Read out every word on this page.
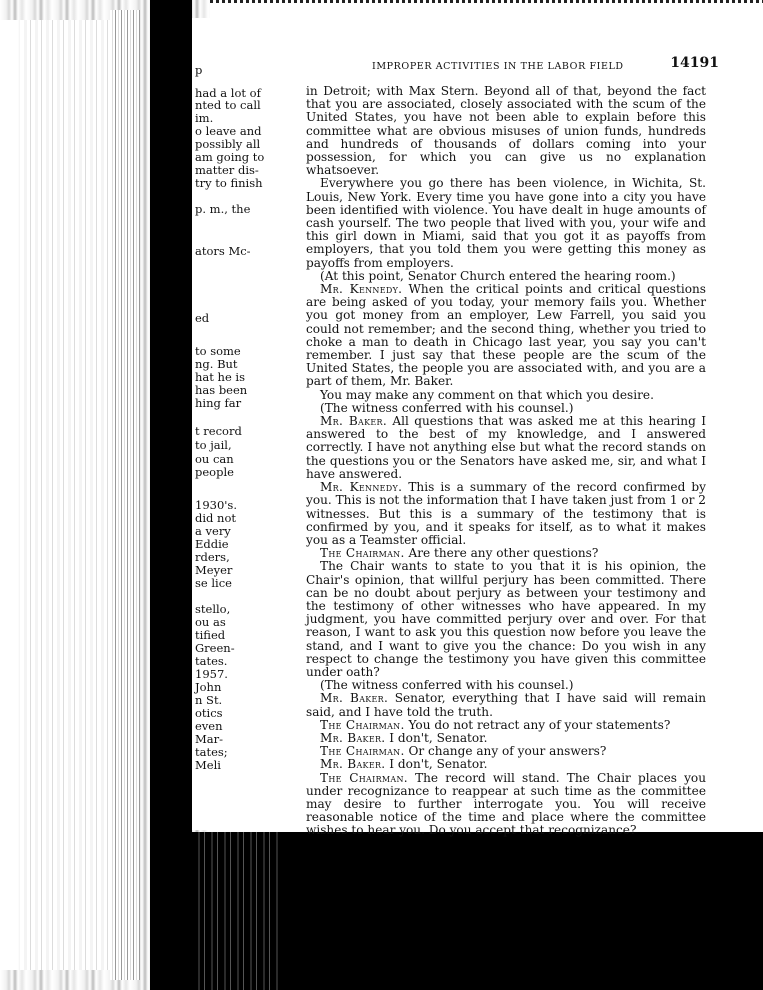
had a lot of
nted to call
im.
o leave and
possibly all
am going to
matter dis-
try to finish
p. m., the
ators Mc-
ed
to some
ng. But
hat he is
has been
hing far
t record
to jail,
ou can
people
1930's.
did not
a very
Eddie
rders,
Meyer
se lice
stello,
ou as
tified
Green-
tates.
1957.
John
n St.
otics
even
Mar-
tates;
Meli
p	IMPROPER ACTIVITIES IN THE LABOR FIELD	14191

in Detroit; with Max Stern. Beyond all of that, beyond the fact that you are associated, closely associated with the scum of the United States, you have not been able to explain before this committee what are obvious misuses of union funds, hundreds and hundreds of thousands of dollars coming into your possession, for which you can give us no explanation whatsoever.

Everywhere you go there has been violence, in Wichita, St. Louis, New York. Every time you have gone into a city you have been identified with violence. You have dealt in huge amounts of cash yourself. The two people that lived with you, your wife and this girl down in Miami, said that you got it as payoffs from employers, that you told them you were getting this money as payoffs from employers.

(At this point, Senator Church entered the hearing room.)

Mr. Kennedy. When the critical points and critical questions are being asked of you today, your memory fails you. Whether you got money from an employer, Lew Farrell, you said you could not remember; and the second thing, whether you tried to choke a man to death in Chicago last year, you say you can't remember. I just say that these people are the scum of the United States, the people you are associated with, and you are a part of them, Mr. Baker.

You may make any comment on that which you desire.

(The witness conferred with his counsel.)

Mr. Baker. All questions that was asked me at this hearing I answered to the best of my knowledge, and I answered correctly. I have not anything else but what the record stands on the questions you or the Senators have asked me, sir, and what I have answered.

Mr. Kennedy. This is a summary of the record confirmed by you. This is not the information that I have taken just from 1 or 2 witnesses. But this is a summary of the testimony that is confirmed by you, and it speaks for itself, as to what it makes you as a Teamster official.

The Chairman. Are there any other questions?

The Chair wants to state to you that it is his opinion, the Chair's opinion, that willful perjury has been committed. There can be no doubt about perjury as between your testimony and the testimony of other witnesses who have appeared. In my judgment, you have committed perjury over and over. For that reason, I want to ask you this question now before you leave the stand, and I want to give you the chance: Do you wish in any respect to change the testimony you have given this committee under oath?

(The witness conferred with his counsel.)

Mr. Baker. Senator, everything that I have said will remain said, and I have told the truth.

The Chairman. You do not retract any of your statements?

Mr. Baker. I don't, Senator.

The Chairman. Or change any of your answers?

Mr. Baker. I don't, Senator.

The Chairman. The record will stand. The Chair places you under recognizance to reappear at such time as the committee may desire to further interrogate you. You will receive reasonable notice of the time and place where the committee wishes to hear you. Do you accept that recognizance?
